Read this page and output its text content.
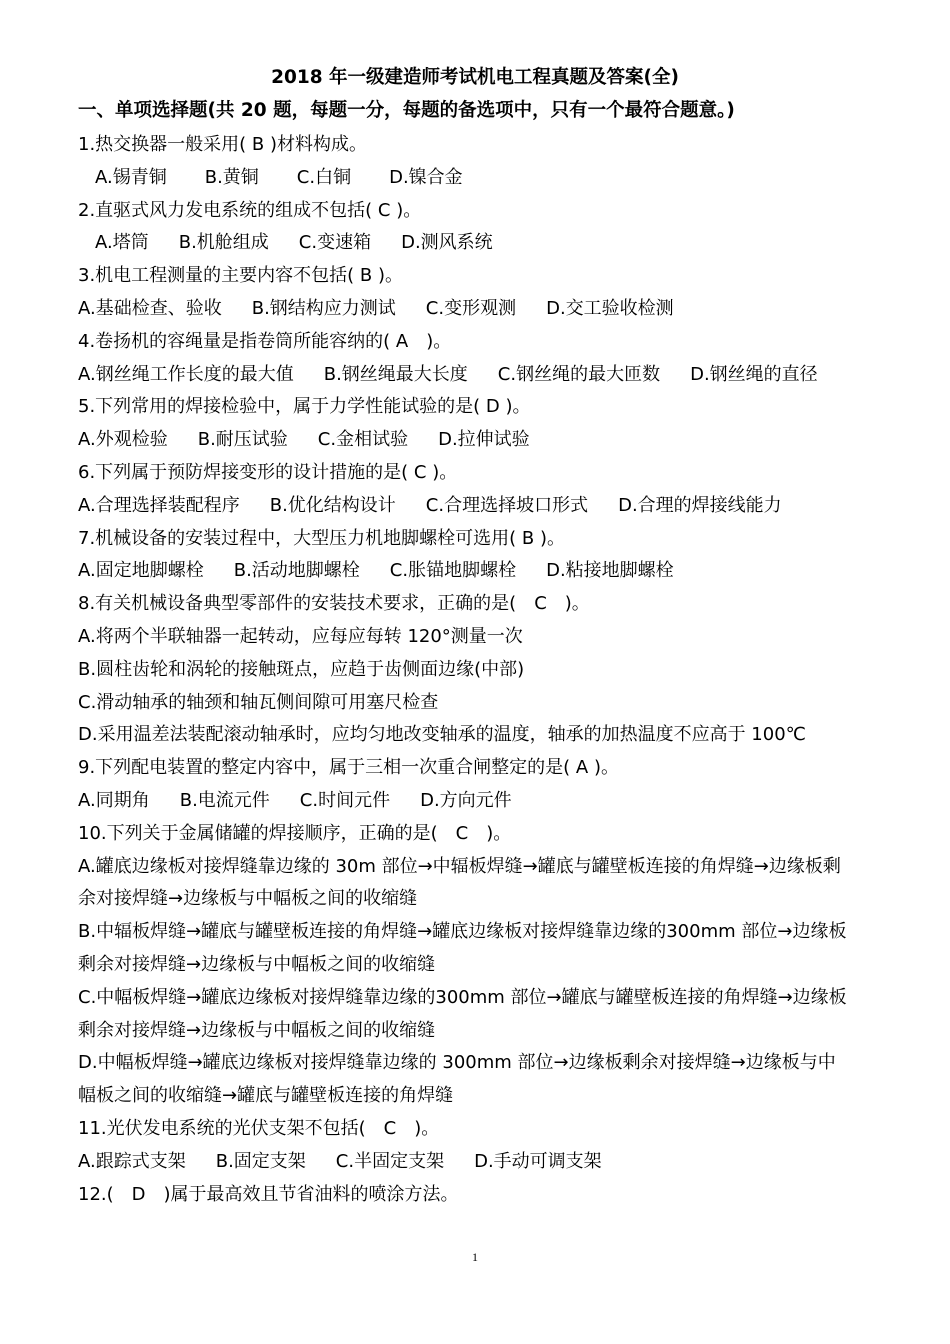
2018 年一级建造师考试机电工程真题及答案(全)
一、单项选择题(共 20 题，每题一分，每题的备选项中，只有一个最符合题意。)
1.热交换器一般采用( B )材料构成。
A.锡青铜 B.黄铜 C.白铜 D.镍合金
2.直驱式风力发电系统的组成不包括( C )。
A.塔筒 B.机舱组成 C.变速箱 D.测风系统
3.机电工程测量的主要内容不包括( B )。
A.基础检查、验收 B.钢结构应力测试 C.变形观测 D.交工验收检测
4.卷扬机的容绳量是指卷筒所能容纳的( A　)。
A.钢丝绳工作长度的最大值 B.钢丝绳最大长度 C.钢丝绳的最大匝数 D.钢丝绳的直径
5.下列常用的焊接检验中，属于力学性能试验的是( D )。
A.外观检验 B.耐压试验 C.金相试验 D.拉伸试验
6.下列属于预防焊接变形的设计措施的是( C )。
A.合理选择装配程序 B.优化结构设计 C.合理选择坡口形式 D.合理的焊接线能力
7.机械设备的安装过程中，大型压力机地脚螺栓可选用( B )。
A.固定地脚螺栓 B.活动地脚螺栓 C.胀锚地脚螺栓 D.粘接地脚螺栓
8.有关机械设备典型零部件的安装技术要求，正确的是(　C　)。
A.将两个半联轴器一起转动，应每应每转 120°测量一次
B.圆柱齿轮和涡轮的接触斑点，应趋于齿侧面边缘(中部)
C.滑动轴承的轴颈和轴瓦侧间隙可用塞尺检查
D.采用温差法装配滚动轴承时，应均匀地改变轴承的温度，轴承的加热温度不应高于 100℃
9.下列配电装置的整定内容中，属于三相一次重合闸整定的是( A )。
A.同期角 B.电流元件 C.时间元件 D.方向元件
10.下列关于金属储罐的焊接顺序，正确的是(　C　)。
A.罐底边缘板对接焊缝靠边缘的 30m 部位→中辐板焊缝→罐底与罐壁板连接的角焊缝→边缘板剩
余对接焊缝→边缘板与中幅板之间的收缩缝
B.中辐板焊缝→罐底与罐壁板连接的角焊缝→罐底边缘板对接焊缝靠边缘的300mm 部位→边缘板
剩余对接焊缝→边缘板与中幅板之间的收缩缝
C.中幅板焊缝→罐底边缘板对接焊缝靠边缘的300mm 部位→罐底与罐壁板连接的角焊缝→边缘板
剩余对接焊缝→边缘板与中幅板之间的收缩缝
D.中幅板焊缝→罐底边缘板对接焊缝靠边缘的 300mm 部位→边缘板剩余对接焊缝→边缘板与中
幅板之间的收缩缝→罐底与罐壁板连接的角焊缝
11.光伏发电系统的光伏支架不包括(　C　)。
A.跟踪式支架 B.固定支架 C.半固定支架 D.手动可调支架
12.(　D　)属于最高效且节省油料的喷涂方法。
1
